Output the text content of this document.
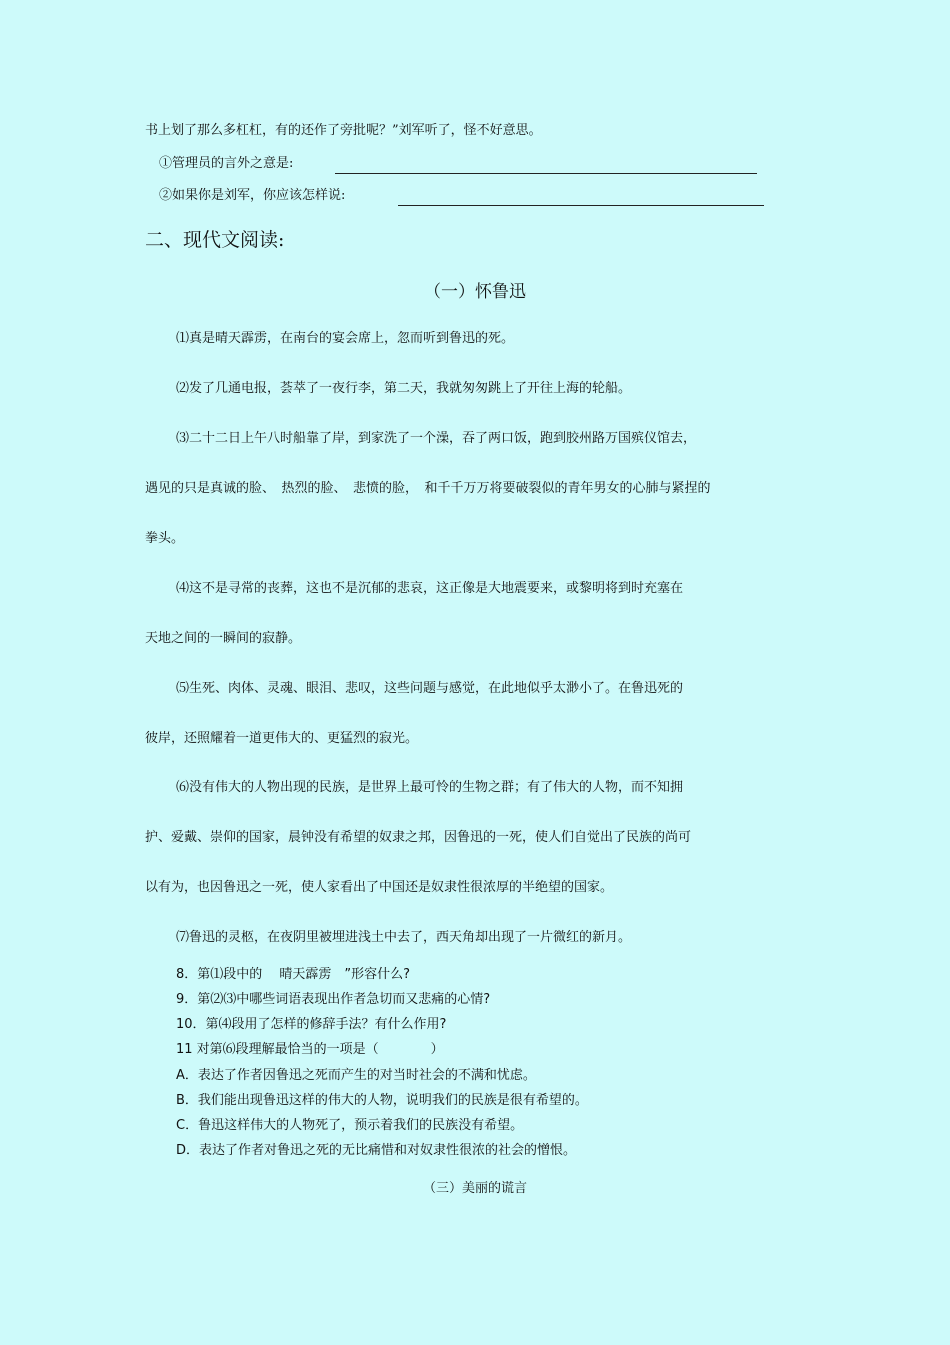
书上划了那么多杠杠，有的还作了旁批呢？”刘军听了，怪不好意思。
①管理员的言外之意是:
②如果你是刘军，你应该怎样说:
二、现代文阅读:
（一）怀鲁迅
⑴真是晴天霹雳，在南台的宴会席上，忽而听到鲁迅的死。
⑵发了几通电报，荟萃了一夜行李，第二天，我就匆匆跳上了开往上海的轮船。
⑶二十二日上午八时船靠了岸，到家洗了一个澡，吞了两口饭，跑到胶州路万国殡仪馆去，
遇见的只是真诚的脸、　热烈的脸、　悲愤的脸，　和千千万万将要破裂似的青年男女的心肺与紧捏的
拳头。
⑷这不是寻常的丧葬，这也不是沉郁的悲哀，这正像是大地震要来，或黎明将到时充塞在
天地之间的一瞬间的寂静。
⑸生死、肉体、灵魂、眼泪、悲叹，这些问题与感觉，在此地似乎太渺小了。在鲁迅死的
彼岸，还照耀着一道更伟大的、更猛烈的寂光。
⑹没有伟大的人物出现的民族，是世界上最可怜的生物之群；有了伟大的人物，而不知拥
护、爱戴、崇仰的国家，晨钟没有希望的奴隶之邦，因鲁迅的一死，使人们自觉出了民族的尚可
以有为，也因鲁迅之一死，使人家看出了中国还是奴隶性很浓厚的半绝望的国家。
⑺鲁迅的灵柩，在夜阴里被埋进浅土中去了，西天角却出现了一片微红的新月。
8．第⑴段中的　 晴天霹雳　”形容什么?
9．第⑵⑶中哪些词语表现出作者急切而又悲痛的心情?
10．第⑷段用了怎样的修辞手法？有什么作用?
11 对第⑹段理解最恰当的一项是（　　　　）
A．表达了作者因鲁迅之死而产生的对当时社会的不满和忧虑。
B．我们能出现鲁迅这样的伟大的人物，说明我们的民族是很有希望的。
C．鲁迅这样伟大的人物死了，预示着我们的民族没有希望。
D．表达了作者对鲁迅之死的无比痛惜和对奴隶性很浓的社会的憎恨。
（三）美丽的谎言
